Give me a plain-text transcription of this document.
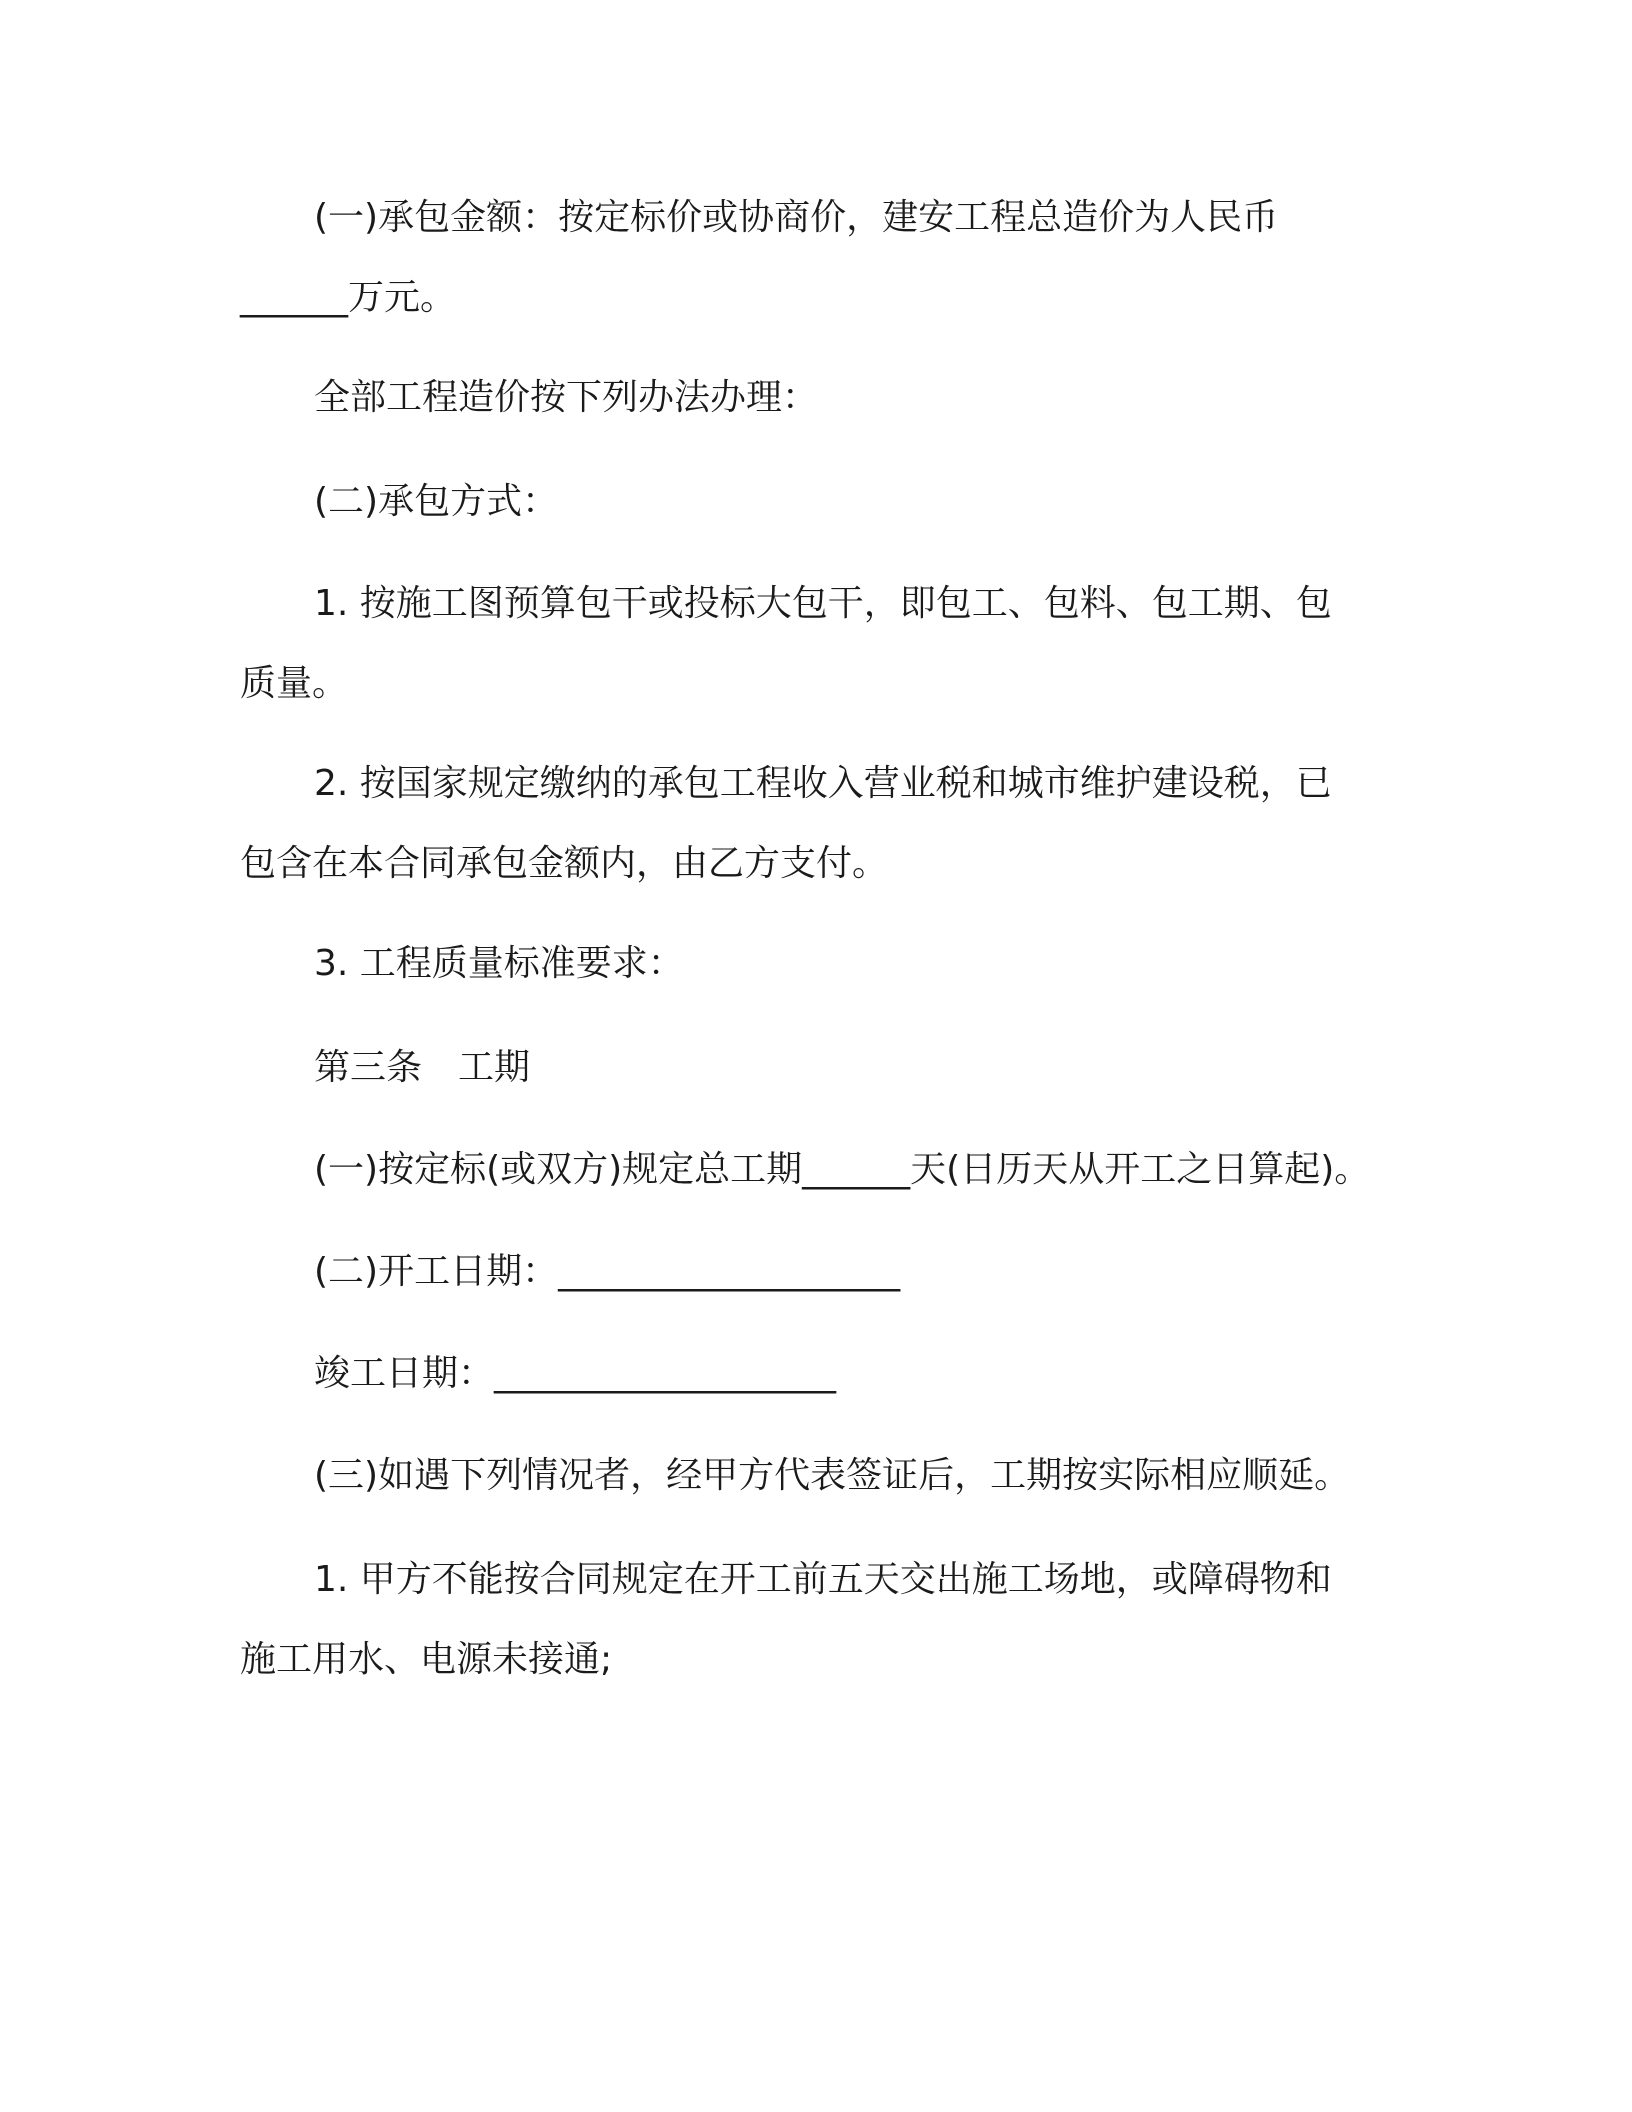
(一)承包金额：按定标价或协商价，建安工程总造价为人民币
______万元。
全部工程造价按下列办法办理：
(二)承包方式：
1. 按施工图预算包干或投标大包干，即包工、包料、包工期、包
质量。
2. 按国家规定缴纳的承包工程收入营业税和城市维护建设税，已
包含在本合同承包金额内，由乙方支付。
3. 工程质量标准要求：
第三条　工期
(一)按定标(或双方)规定总工期______天(日历天从开工之日算起)。
(二)开工日期：___________________
竣工日期：___________________
(三)如遇下列情况者，经甲方代表签证后，工期按实际相应顺延。
1. 甲方不能按合同规定在开工前五天交出施工场地，或障碍物和
施工用水、电源未接通;
